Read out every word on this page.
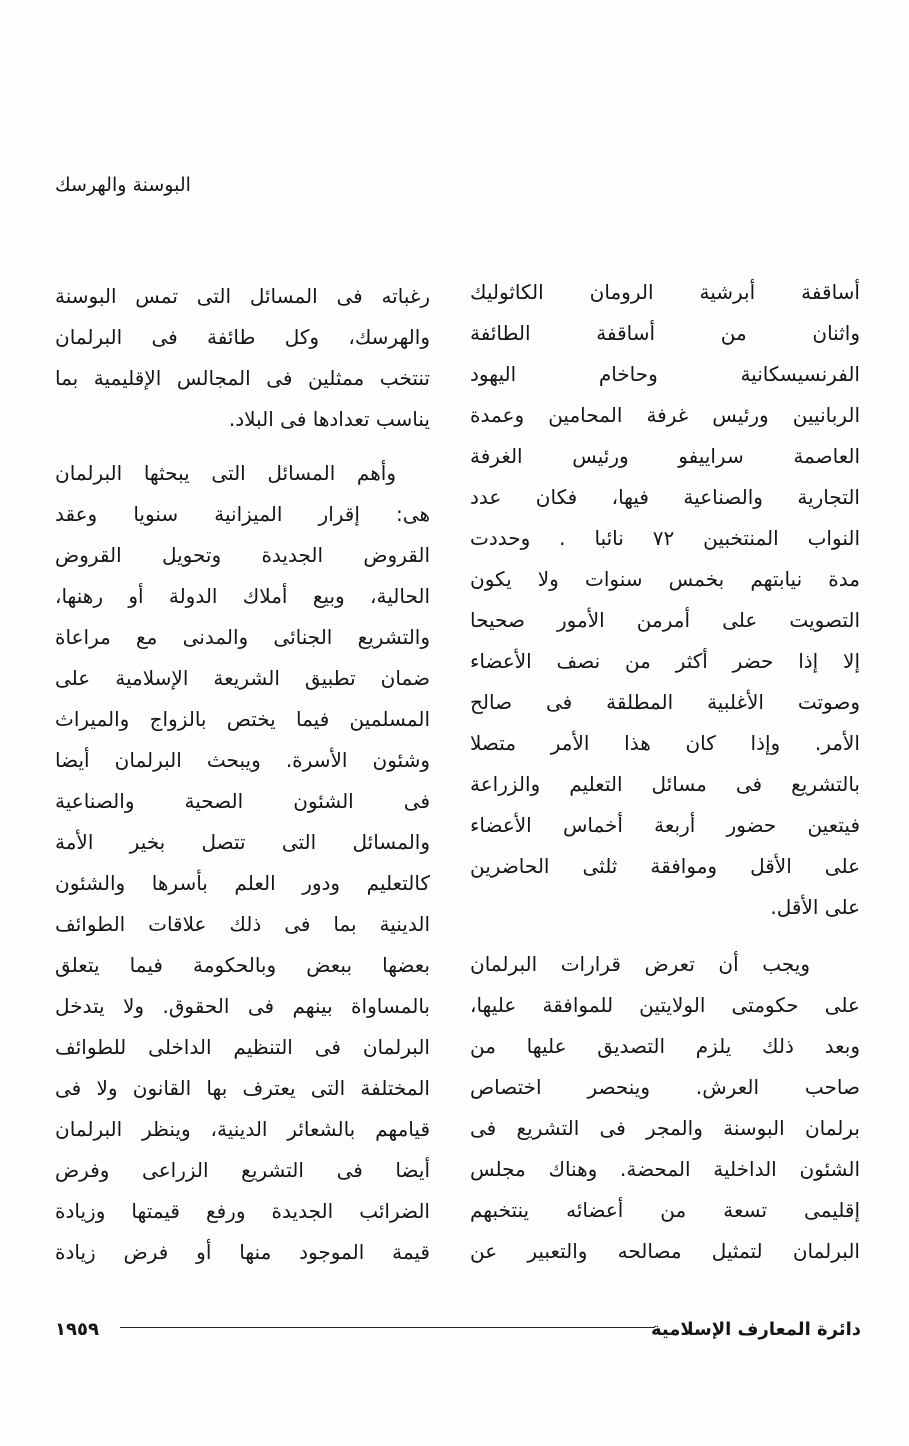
البوسنة والهرسك
أساقفة أبرشية الرومان الكاثوليك
واثنان من أساقفة الطائفة
الفرنسيسكانية وحاخام اليهود
الربانيين ورئيس غرفة المحامين وعمدة
العاصمة سراييفو ورئيس الغرفة
التجارية والصناعية فيها، فكان عدد
النواب المنتخبين ٧٢ نائبا . وحددت
مدة نيابتهم بخمس سنوات ولا يكون
التصويت على أمرمن الأمور صحيحا
إلا إذا حضر أكثر من نصف الأعضاء
وصوتت الأغلبية المطلقة فى صالح
الأمر. وإذا كان هذا الأمر متصلا
بالتشريع فى مسائل التعليم والزراعة
فيتعين حضور أربعة أخماس الأعضاء
على الأقل وموافقة ثلثى الحاضرين
على الأقل.
ويجب أن تعرض قرارات البرلمان
على حكومتى الولايتين للموافقة عليها،
وبعد ذلك يلزم التصديق عليها من
صاحب العرش. وينحصر اختصاص
برلمان البوسنة والمجر فى التشريع فى
الشئون الداخلية المحضة. وهناك مجلس
إقليمى تسعة من أعضائه ينتخبهم
البرلمان لتمثيل مصالحه والتعبير عن
رغباته فى المسائل التى تمس البوسنة
والهرسك، وكل طائفة فى البرلمان
تنتخب ممثلين فى المجالس الإقليمية بما
يناسب تعدادها فى البلاد.
وأهم المسائل التى يبحثها البرلمان
هى: إقرار الميزانية سنويا وعقد
القروض الجديدة وتحويل القروض
الحالية، وبيع أملاك الدولة أو رهنها،
والتشريع الجنائى والمدنى مع مراعاة
ضمان تطبيق الشريعة الإسلامية على
المسلمين فيما يختص بالزواج والميراث
وشئون الأسرة. ويبحث البرلمان أيضا
فى الشئون الصحية والصناعية
والمسائل التى تتصل بخير الأمة
كالتعليم ودور العلم بأسرها والشئون
الدينية بما فى ذلك علاقات الطوائف
بعضها ببعض وبالحكومة فيما يتعلق
بالمساواة بينهم فى الحقوق. ولا يتدخل
البرلمان فى التنظيم الداخلى للطوائف
المختلفة التى يعترف بها القانون ولا فى
قيامهم بالشعائر الدينية، وينظر البرلمان
أيضا فى التشريع الزراعى وفرض
الضرائب الجديدة ورفع قيمتها وزيادة
قيمة الموجود منها أو فرض زيادة
دائرة المعارف الإسلامية
١٩٥٩
